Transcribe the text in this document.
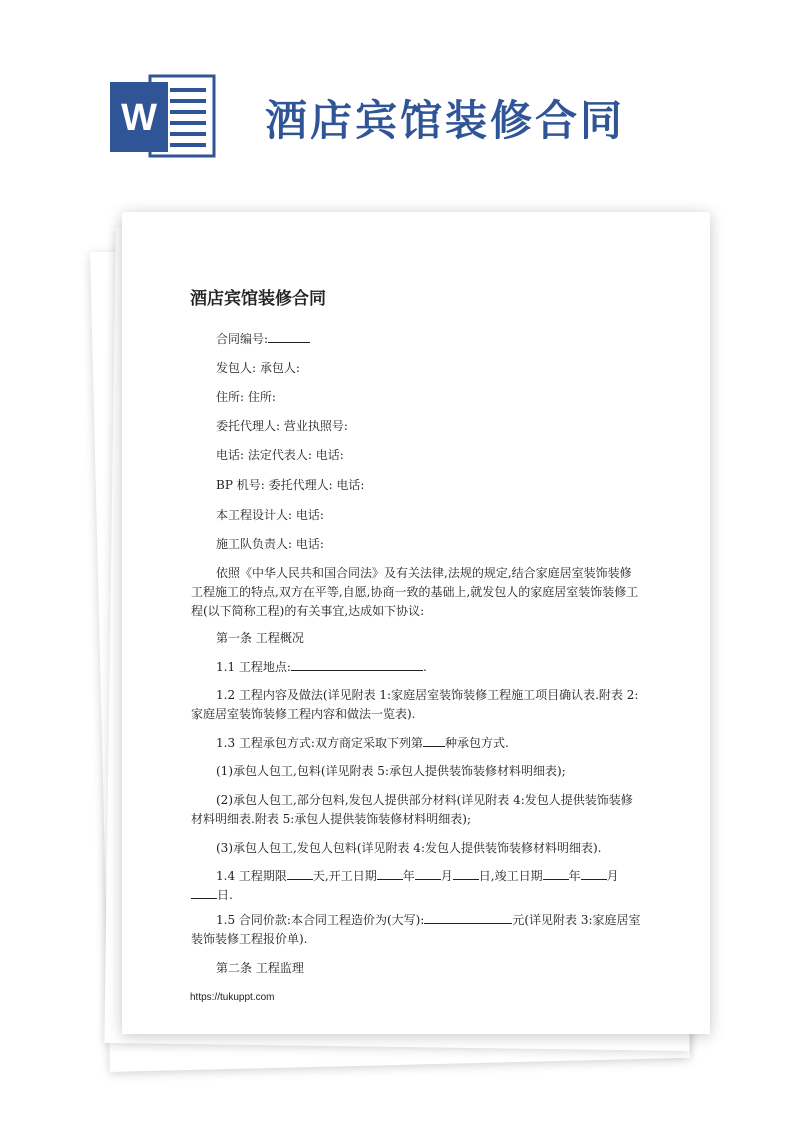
W	酒店宾馆装修合同
酒店宾馆装修合同
合同编号:
发包人: 承包人:
住所: 住所:
委托代理人: 营业执照号:
电话: 法定代表人: 电话:
BP 机号: 委托代理人: 电话:
本工程设计人: 电话:
施工队负责人: 电话:
依照《中华人民共和国合同法》及有关法律,法规的规定,结合家庭居室装饰装修工程施工的特点,双方在平等,自愿,协商一致的基础上,就发包人的家庭居室装饰装修工程(以下简称工程)的有关事宜,达成如下协议:
第一条 工程概况
1.1 工程地点:	.
1.2 工程内容及做法(详见附表 1:家庭居室装饰装修工程施工项目确认表.附表 2:家庭居室装饰装修工程内容和做法一览表).
1.3 工程承包方式:双方商定采取下列第 种承包方式.
(1)承包人包工,包料(详见附表 5:承包人提供装饰装修材料明细表);
(2)承包人包工,部分包料,发包人提供部分材料(详见附表 4:发包人提供装饰装修材料明细表.附表 5:承包人提供装饰装修材料明细表);
(3)承包人包工,发包人包料(详见附表 4:发包人提供装饰装修材料明细表).
1.4 工程期限 天,开工日期 年 月 日,竣工日期 年 月日.
1.5 合同价款:本合同工程造价为(大写):	元(详见附表 3:家庭居室装饰装修工程报价单).
第二条 工程监理
https://tukuppt.com
